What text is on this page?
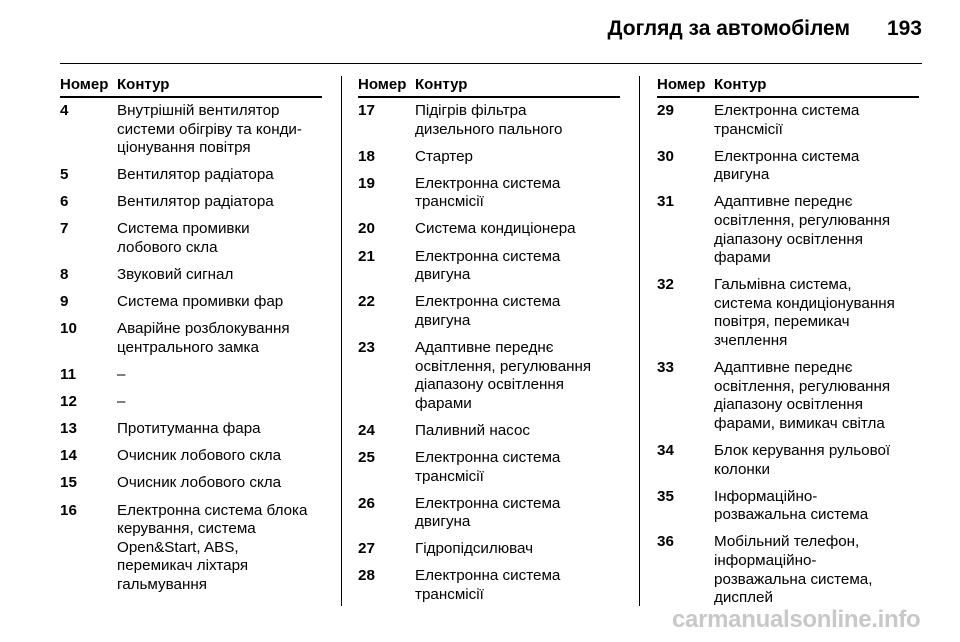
Догляд за автомобілем	193
Номер Контур
4	Внутрішній вентилятор
системи обігріву та конди-
ціонування повітря
5	Вентилятор радіатора
6	Вентилятор радіатора
7	Система промивки
лобового скла
8	Звуковий сигнал
9	Система промивки фар
10	Аварійне розблокування
центрального замка
11	–
12	–
13	Протитуманна фара
14	Очисник лобового скла
15	Очисник лобового скла
16	Електронна система блока
керування, система
Open&Start, ABS,
перемикач ліхтаря
гальмування
Номер Контур
17	Підігрів фільтра
дизельного пального
18	Стартер
19	Електронна система
трансмісії
20	Система кондиціонера
21	Електронна система
двигуна
22	Електронна система
двигуна
23	Адаптивне переднє
освітлення, регулювання
діапазону освітлення
фарами
24	Паливний насос
25	Електронна система
трансмісії
26	Електронна система
двигуна
27	Гідропідсилювач
28	Електронна система
трансмісії
Номер Контур
29	Електронна система
трансмісії
30	Електронна система
двигуна
31	Адаптивне переднє
освітлення, регулювання
діапазону освітлення
фарами
32	Гальмівна система,
система кондиціонування
повітря, перемикач
зчеплення
33	Адаптивне переднє
освітлення, регулювання
діапазону освітлення
фарами, вимикач світла
34	Блок керування рульової
колонки
35	Інформаційно-
розважальна система
36	Мобільний телефон,
інформаційно-
розважальна система,
дисплей
carmanualsonline.info
